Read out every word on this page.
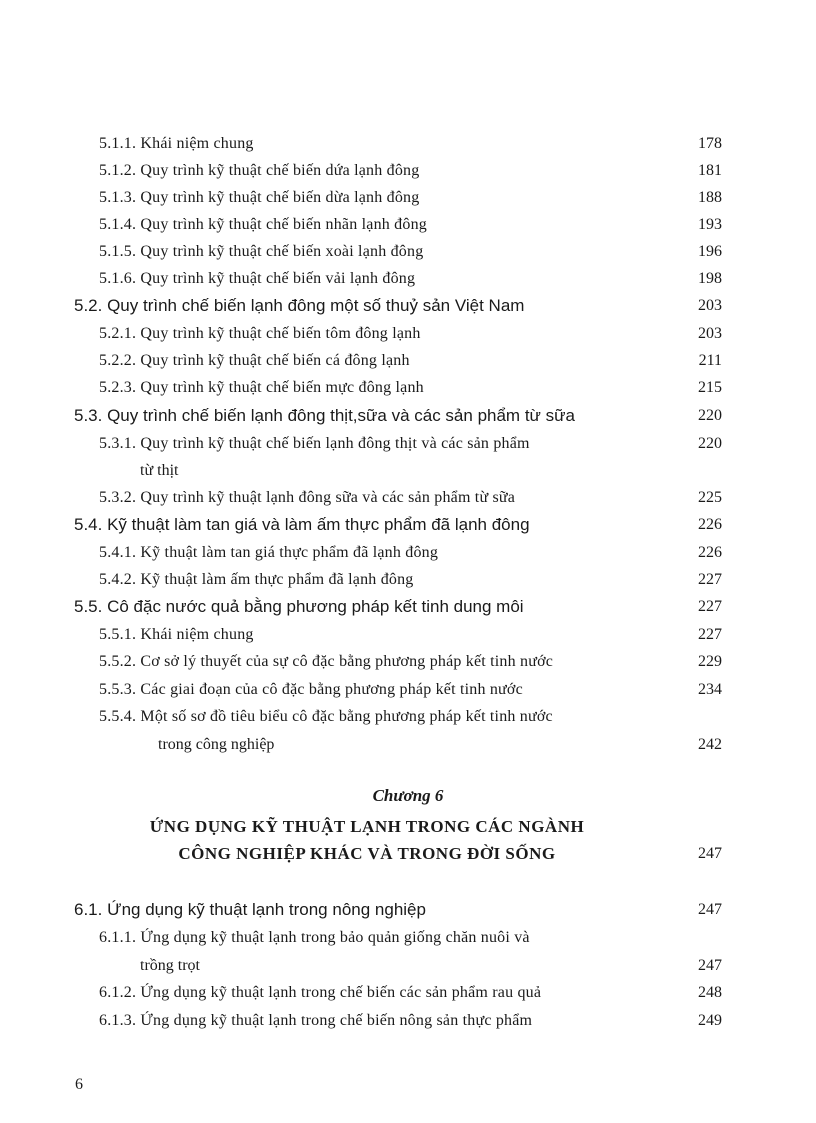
5.1.1. Khái niệm chung	178
5.1.2. Quy trình kỹ thuật chế biến dứa lạnh đông	181
5.1.3. Quy trình kỹ thuật chế biến dừa lạnh đông	188
5.1.4. Quy trình kỹ thuật chế biến nhãn lạnh đông	193
5.1.5. Quy trình kỹ thuật chế biến xoài lạnh đông	196
5.1.6. Quy trình kỹ thuật chế biến vải lạnh đông	198
5.2. Quy trình chế biến lạnh đông một số thuỷ sản Việt Nam	203
5.2.1. Quy trình kỹ thuật chế biến tôm đông lạnh	203
5.2.2. Quy trình kỹ thuật chế biến cá đông lạnh	211
5.2.3. Quy trình kỹ thuật chế biến mực đông lạnh	215
5.3. Quy trình chế biến lạnh đông thịt,sữa và các sản phẩm từ sữa	220
5.3.1. Quy trình kỹ thuật chế biến lạnh đông thịt và các sản phẩm	220
từ thịt
5.3.2. Quy trình kỹ thuật lạnh đông sữa và các sản phẩm từ sữa	225
5.4. Kỹ thuật làm tan giá và làm ấm thực phẩm đã lạnh đông	226
5.4.1. Kỹ thuật làm tan giá thực phẩm đã lạnh đông	226
5.4.2. Kỹ thuật làm ấm thực phẩm đã lạnh đông	227
5.5. Cô đặc nước quả bằng phương pháp kết tinh dung môi	227
5.5.1. Khái niệm chung	227
5.5.2. Cơ sở lý thuyết của sự cô đặc bằng phương pháp kết tinh nước	229
5.5.3. Các giai đoạn của cô đặc bằng phương pháp kết tinh nước	234
5.5.4. Một số sơ đồ tiêu biểu cô đặc bằng phương pháp kết tinh nước
trong công nghiệp	242
Chương 6
ỨNG DỤNG KỸ THUẬT LẠNH TRONG CÁC NGÀNH
CÔNG NGHIỆP KHÁC VÀ TRONG ĐỜI SỐNG	247
6.1. Ứng dụng kỹ thuật lạnh trong nông nghiệp	247
6.1.1. Ứng dụng kỹ thuật lạnh trong bảo quản giống chăn nuôi và
trồng trọt	247
6.1.2. Ứng dụng kỹ thuật lạnh trong chế biến các sản phẩm rau quả	248
6.1.3. Ứng dụng kỹ thuật lạnh trong chế biến nông sản thực phẩm	249
6
